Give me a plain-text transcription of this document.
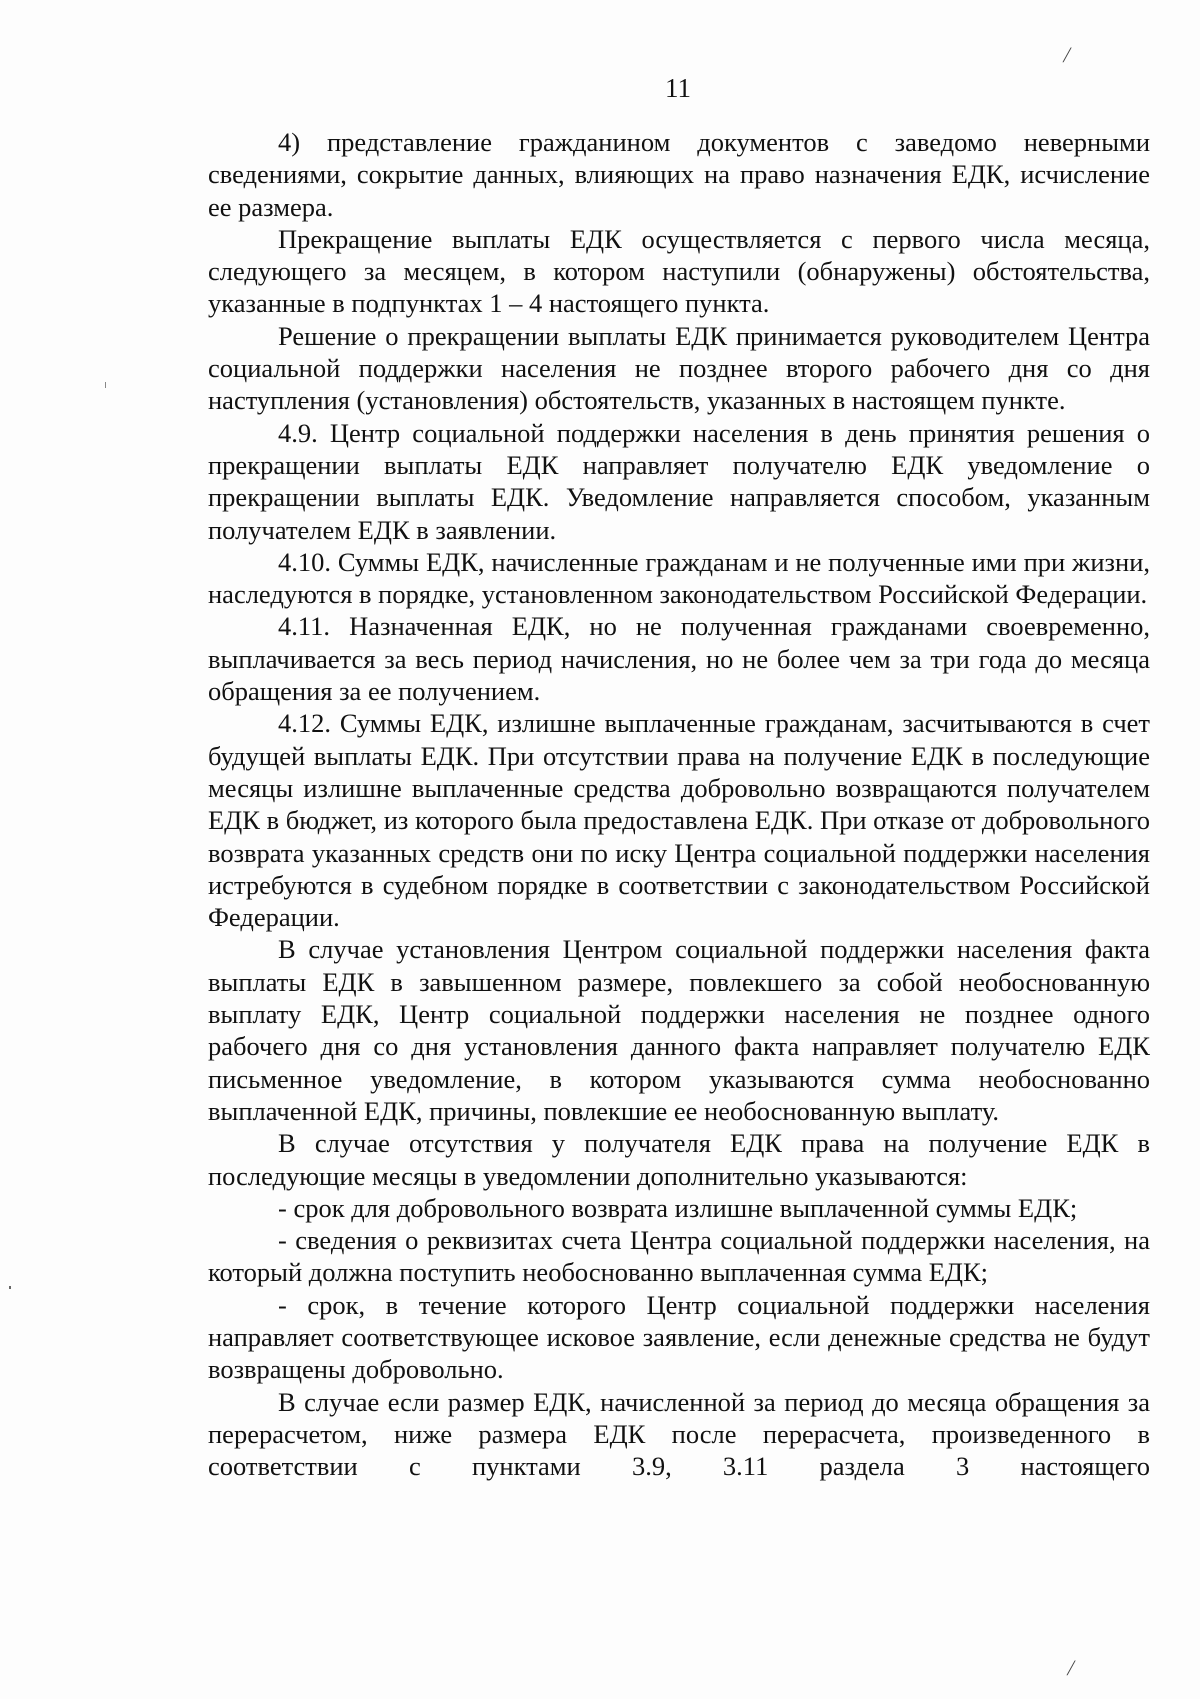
/
11

4) представление гражданином документов с заведомо неверными сведениями, сокрытие данных, влияющих на право назначения ЕДК, исчисление ее размера.

Прекращение выплаты ЕДК осуществляется с первого числа месяца, следующего за месяцем, в котором наступили (обнаружены) обстоятельства, указанные в подпунктах 1 – 4 настоящего пункта.

Решение о прекращении выплаты ЕДК принимается руководителем Центра социальной поддержки населения не позднее второго рабочего дня со дня наступления (установления) обстоятельств, указанных в настоящем пункте.

4.9. Центр социальной поддержки населения в день принятия решения о прекращении выплаты ЕДК направляет получателю ЕДК уведомление о прекращении выплаты ЕДК. Уведомление направляется способом, указанным получателем ЕДК в заявлении.

4.10. Суммы ЕДК, начисленные гражданам и не полученные ими при жизни, наследуются в порядке, установленном законодательством Российской Федерации.

4.11. Назначенная ЕДК, но не полученная гражданами своевременно, выплачивается за весь период начисления, но не более чем за три года до месяца обращения за ее получением.

4.12. Суммы ЕДК, излишне выплаченные гражданам, засчитываются в счет будущей выплаты ЕДК. При отсутствии права на получение ЕДК в последующие месяцы излишне выплаченные средства добровольно возвращаются получателем ЕДК в бюджет, из которого была предоставлена ЕДК. При отказе от добровольного возврата указанных средств они по иску Центра социальной поддержки населения истребуются в судебном порядке в соответствии с законодательством Российской Федерации.

В случае установления Центром социальной поддержки населения факта выплаты ЕДК в завышенном размере, повлекшего за собой необоснованную выплату ЕДК, Центр социальной поддержки населения не позднее одного рабочего дня со дня установления данного факта направляет получателю ЕДК письменное уведомление, в котором указываются сумма необоснованно выплаченной ЕДК, причины, повлекшие ее необоснованную выплату.

В случае отсутствия у получателя ЕДК права на получение ЕДК в последующие месяцы в уведомлении дополнительно указываются:

- срок для добровольного возврата излишне выплаченной суммы ЕДК;

- сведения о реквизитах счета Центра социальной поддержки населения, на который должна поступить необоснованно выплаченная сумма ЕДК;

- срок, в течение которого Центр социальной поддержки населения направляет соответствующее исковое заявление, если денежные средства не будут возвращены добровольно.

В случае если размер ЕДК, начисленной за период до месяца обращения за перерасчетом, ниже размера ЕДК после перерасчета, произведенного в соответствии с пунктами 3.9, 3.11 раздела 3 настоящего

/
